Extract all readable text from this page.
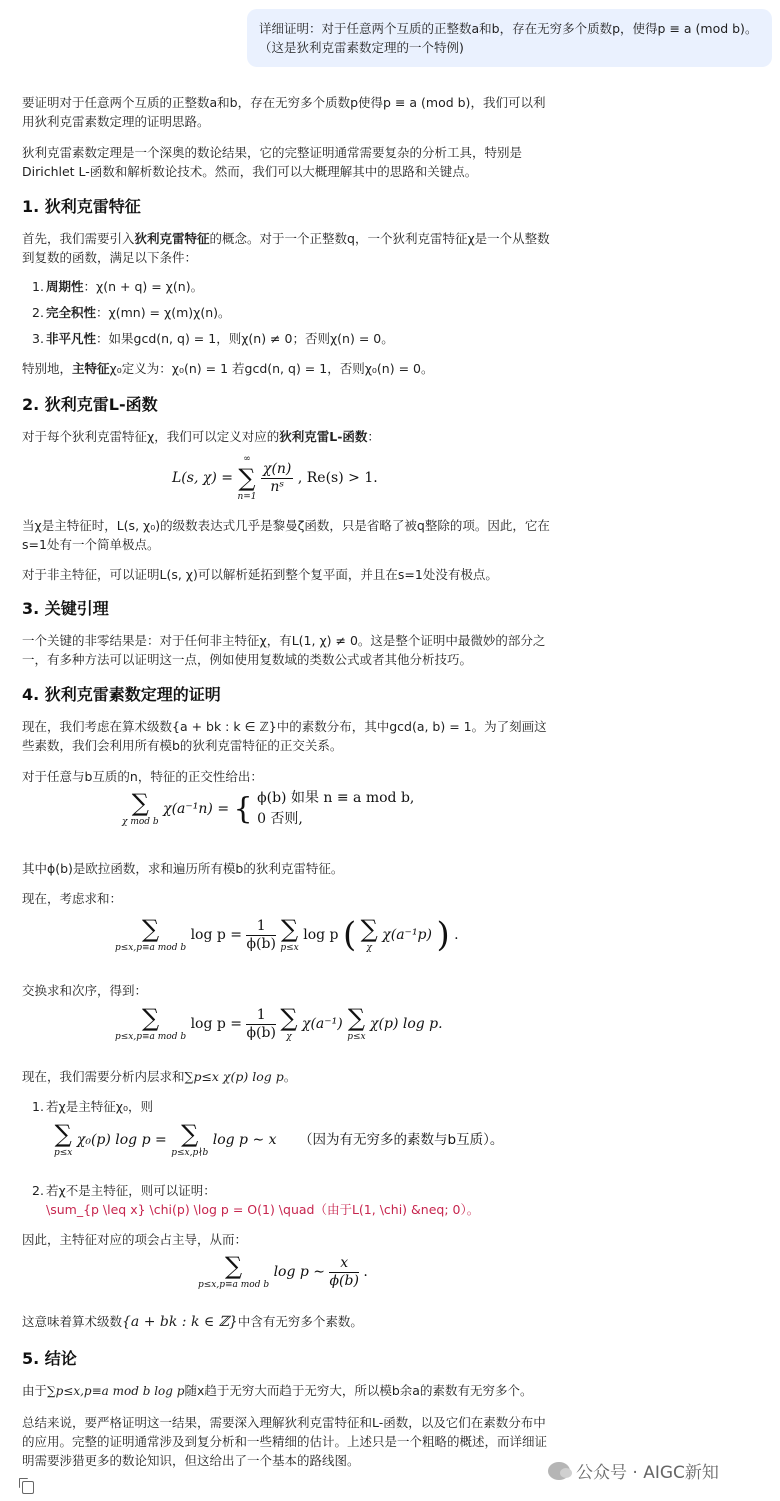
详细证明：对于任意两个互质的正整数a和b，存在无穷多个质数p，使得p ≡ a (mod b)。（这是狄利克雷素数定理的一个特例)

要证明对于任意两个互质的正整数a和b，存在无穷多个质数p使得p ≡ a (mod b)，我们可以利用狄利克雷素数定理的证明思路。

狄利克雷素数定理是一个深奥的数论结果，它的完整证明通常需要复杂的分析工具，特别是Dirichlet L-函数和解析数论技术。然而，我们可以大概理解其中的思路和关键点。

1. 狄利克雷特征

首先，我们需要引入狄利克雷特征的概念。对于一个正整数q，一个狄利克雷特征χ是一个从整数到复数的函数，满足以下条件：

1. 周期性：χ(n + q) = χ(n)。
2. 完全积性：χ(mn) = χ(m)χ(n)。
3. 非平凡性：如果gcd(n, q) = 1，则χ(n) ≠ 0；否则χ(n) = 0。

特别地，主特征χ₀定义为：χ₀(n) = 1 若gcd(n, q) = 1，否则χ₀(n) = 0。

2. 狄利克雷L-函数

对于每个狄利克雷特征χ，我们可以定义对应的狄利克雷L-函数：

L(s, χ) =
∞
∑
n=1

$\frac{\chi(n)}{\text{nˢ}}$ , Re(s) > 1.

当χ是主特征时，L(s, χ₀)的级数表达式几乎是黎曼ζ函数，只是省略了被q整除的项。因此，它在s=1处有一个简单极点。

对于非主特征，可以证明L(s, χ)可以解析延拓到整个复平面，并且在s=1处没有极点。

3. 关键引理

一个关键的非零结果是：对于任何非主特征χ，有L(1, χ) ≠ 0。这是整个证明中最微妙的部分之一，有多种方法可以证明这一点，例如使用复数域的类数公式或者其他分析技巧。

4. 狄利克雷素数定理的证明

现在，我们考虑在算术级数{a + bk : k ∈ ℤ}中的素数分布，其中gcd(a, b) = 1。为了刻画这些素数，我们会利用所有模b的狄利克雷特征的正交关系。

对于任意与b互质的n，特征的正交性给出：

∑
χ mod b
χ(a⁻¹n) = { ϕ(b) 如果 n ≡ a mod b,
0 否则,

其中ϕ(b)是欧拉函数，求和遍历所有模b的狄利克雷特征。

现在，考虑求和：

∑
p≤x,p≡a mod b
$\log p = \frac{1}{\phi(b)}$
∑
p≤x
log p ( ∑
χ
χ(a⁻¹p) ) .

交换求和次序，得到：

∑
p≤x,p≡a mod b
$\log p = \frac{1}{\phi(b)}$
∑
χ
χ(a⁻¹) ∑
p≤x
χ(p) log p.

现在，我们需要分析内层求和∑p≤x χ(p) log p。

1. 若χ是主特征χ₀，则
∑
p≤x
χ₀(p) log p = ∑
p≤x,p∤b
log p ∼ x （因为有无穷多的素数与b互质）。
2. 若χ不是主特征，则可以证明：
\sum_{p \leq x} \chi(p) \log p = O(1) \quad（由于L(1, \chi) &neq; 0）。

因此，主特征对应的项会占主导，从而：

∑
p≤x,p≡a mod b
log p ∼ $\frac{x}{\phi(b)}$ .

这意味着算术级数{a + bk : k ∈ ℤ}中含有无穷多个素数。

5. 结论

由于∑p≤x,p≡a mod b log p随x趋于无穷大而趋于无穷大，所以模b余a的素数有无穷多个。

总结来说，要严格证明这一结果，需要深入理解狄利克雷特征和L-函数，以及它们在素数分布中的应用。完整的证明通常涉及到复分析和一些精细的估计。上述只是一个粗略的概述，而详细证明需要涉猎更多的数论知识，但这给出了一个基本的路线图。

公众号 · AIGC新知
